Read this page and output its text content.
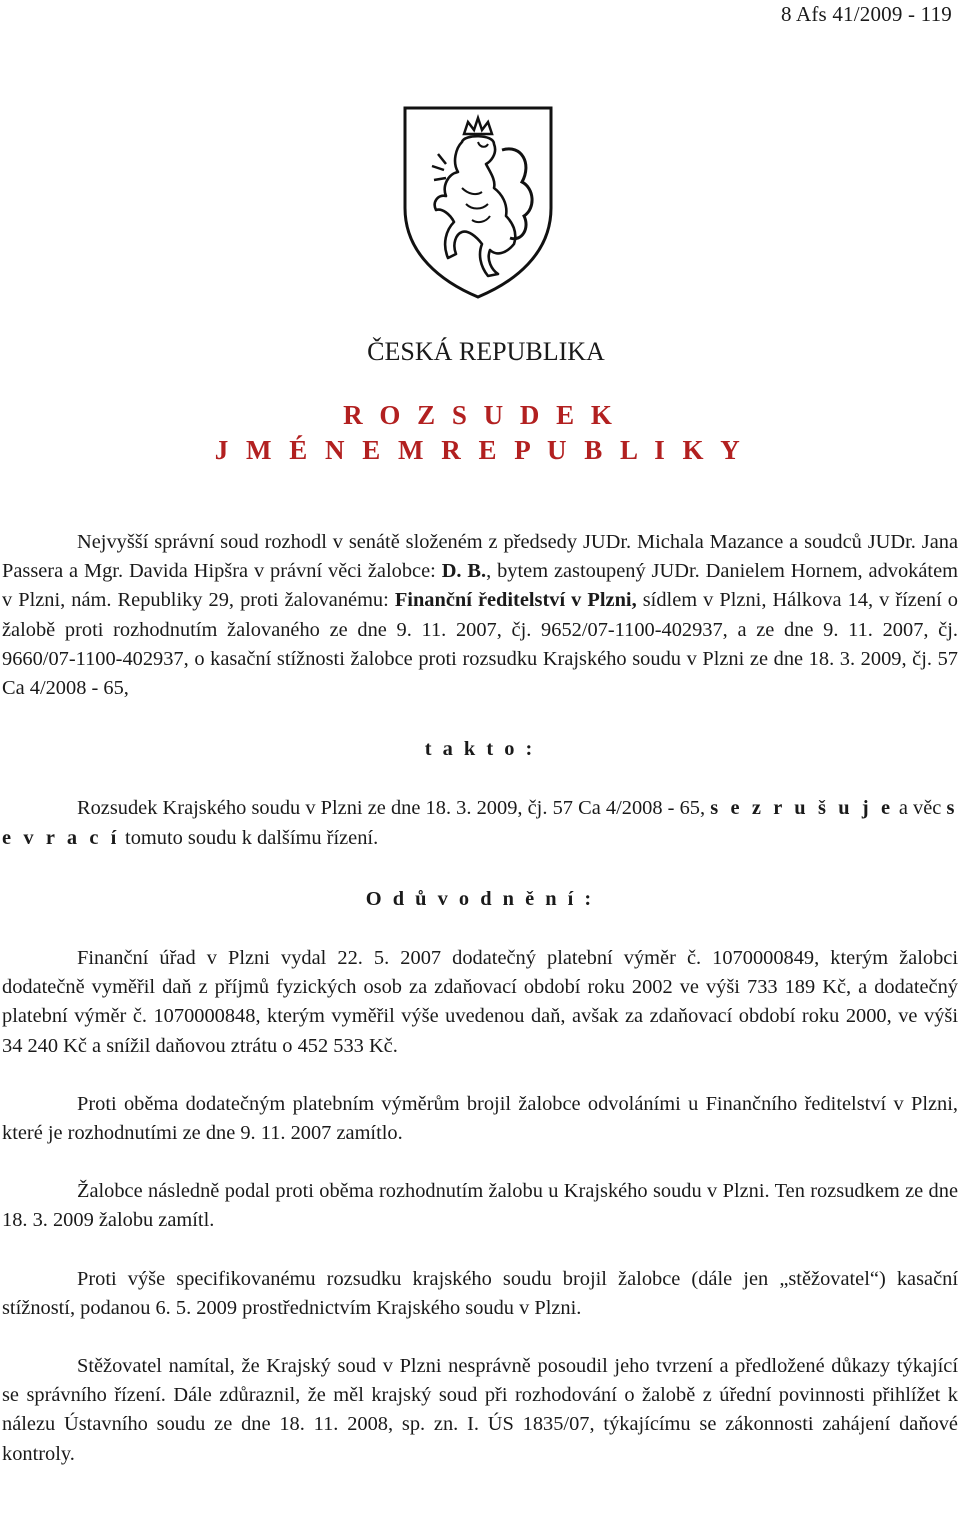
8 Afs 41/2009 - 119
ČESKÁ REPUBLIKA
R O Z S U D E K
J M É N E M R E P U B L I K Y

Nejvyšší správní soud rozhodl v senátě složeném z předsedy JUDr. Michala Mazance a soudců JUDr. Jana Passera a Mgr. Davida Hipšra v právní věci žalobce: D. B., bytem zastoupený JUDr. Danielem Hornem, advokátem v Plzni, nám. Republiky 29, proti žalovanému: Finanční ředitelství v Plzni, sídlem v Plzni, Hálkova 14, v řízení o žalobě proti rozhodnutím žalovaného ze dne 9. 11. 2007, čj. 9652/07-1100-402937, a ze dne 9. 11. 2007, čj. 9660/07-1100-402937, o kasační stížnosti žalobce proti rozsudku Krajského soudu v Plzni ze dne 18. 3. 2009, čj. 57 Ca 4/2008 - 65,

t a k t o :

Rozsudek Krajského soudu v Plzni ze dne 18. 3. 2009, čj. 57 Ca 4/2008 - 65, s e z r u š u j e a věc s e v r a c í tomuto soudu k dalšímu řízení.

O d ů v o d n ě n í :

Finanční úřad v Plzni vydal 22. 5. 2007 dodatečný platební výměr č. 1070000849, kterým žalobci dodatečně vyměřil daň z příjmů fyzických osob za zdaňovací období roku 2002 ve výši 733 189 Kč, a dodatečný platební výměr č. 1070000848, kterým vyměřil výše uvedenou daň, avšak za zdaňovací období roku 2000, ve výši 34 240 Kč a snížil daňovou ztrátu o 452 533 Kč.

Proti oběma dodatečným platebním výměrům brojil žalobce odvoláními u Finančního ředitelství v Plzni, které je rozhodnutími ze dne 9. 11. 2007 zamítlo.

Žalobce následně podal proti oběma rozhodnutím žalobu u Krajského soudu v Plzni. Ten rozsudkem ze dne 18. 3. 2009 žalobu zamítl.

Proti výše specifikovanému rozsudku krajského soudu brojil žalobce (dále jen „stěžovatel“) kasační stížností, podanou 6. 5. 2009 prostřednictvím Krajského soudu v Plzni.

Stěžovatel namítal, že Krajský soud v Plzni nesprávně posoudil jeho tvrzení a předložené důkazy týkající se správního řízení. Dále zdůraznil, že měl krajský soud při rozhodování o žalobě z úřední povinnosti přihlížet k nálezu Ústavního soudu ze dne 18. 11. 2008, sp. zn. I. ÚS 1835/07, týkajícímu se zákonnosti zahájení daňové kontroly.
